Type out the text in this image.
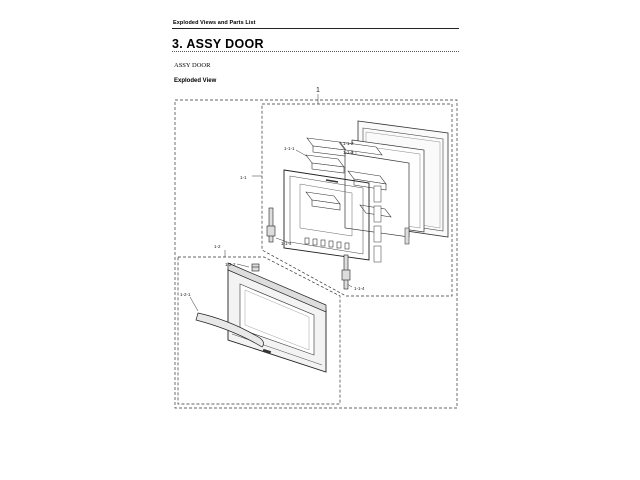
Exploded Views and Parts List
3. ASSY DOOR
ASSY DOOR
Exploded View
1
1-1
1-1-1
1-1-2
1-1-3
1-1-4
1-1-4
1-2
1-2-1
1-2-2
